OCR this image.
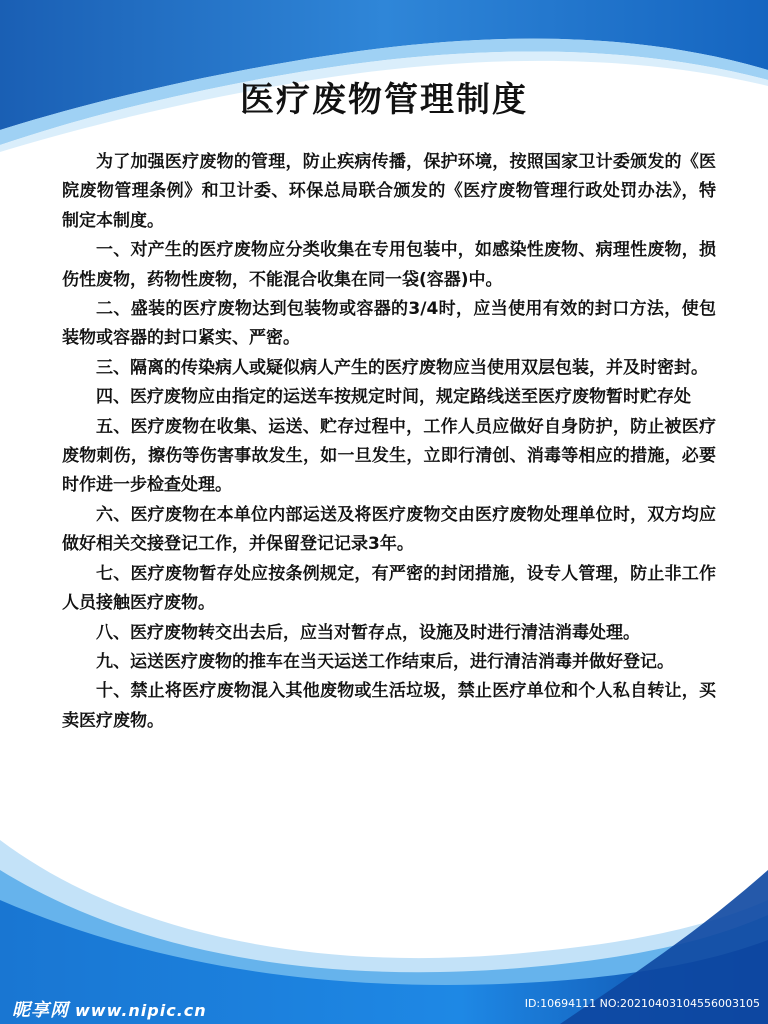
医疗废物管理制度

为了加强医疗废物的管理，防止疾病传播，保护环境，按照国家卫计委颁发的《医院废物管理条例》和卫计委、环保总局联合颁发的《医疗废物管理行政处罚办法》，特制定本制度。

一、对产生的医疗废物应分类收集在专用包装中，如感染性废物、病理性废物，损伤性废物，药物性废物，不能混合收集在同一袋(容器)中。

二、盛装的医疗废物达到包装物或容器的3/4时，应当使用有效的封口方法，使包装物或容器的封口紧实、严密。

三、隔离的传染病人或疑似病人产生的医疗废物应当使用双层包装，并及时密封。

四、医疗废物应由指定的运送车按规定时间，规定路线送至医疗废物暂时贮存处

五、医疗废物在收集、运送、贮存过程中，工作人员应做好自身防护，防止被医疗废物刺伤，擦伤等伤害事故发生，如一旦发生，立即行清创、消毒等相应的措施，必要时作进一步检查处理。

六、医疗废物在本单位内部运送及将医疗废物交由医疗废物处理单位时，双方均应做好相关交接登记工作，并保留登记记录3年。

七、医疗废物暂存处应按条例规定，有严密的封闭措施，设专人管理，防止非工作人员接触医疗废物。

八、医疗废物转交出去后，应当对暂存点，设施及时进行清洁消毒处理。

九、运送医疗废物的推车在当天运送工作结束后，进行清洁消毒并做好登记。

十、禁止将医疗废物混入其他废物或生活垃圾，禁止医疗单位和个人私自转让，买卖医疗废物。

昵享网 www.nipic.cn	ID:10694111 NO:20210403104556003105
